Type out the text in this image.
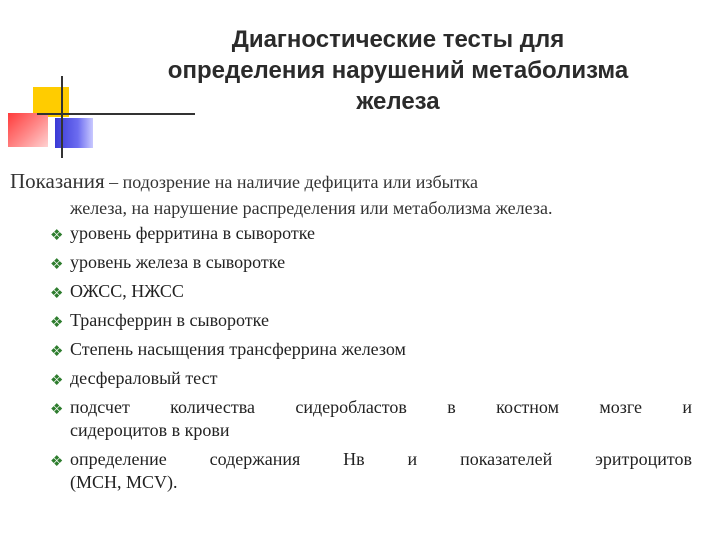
Диагностические тесты для
определения нарушений метаболизма
железа
Показания – подозрение на наличие дефицита или избытка
железа, на нарушение распределения или метаболизма железа.
❖ уровень ферритина в сыворотке
❖ уровень железа в сыворотке
❖ ОЖСС, НЖСС
❖ Трансферрин в сыворотке
❖ Степень насыщения трансферрина железом
❖ десфераловый тест
❖ подсчет количества сидеробластов в костном мозге и
сидероцитов в крови
❖ определение содержания Нв и показателей эритроцитов
(MCH, MCV).
